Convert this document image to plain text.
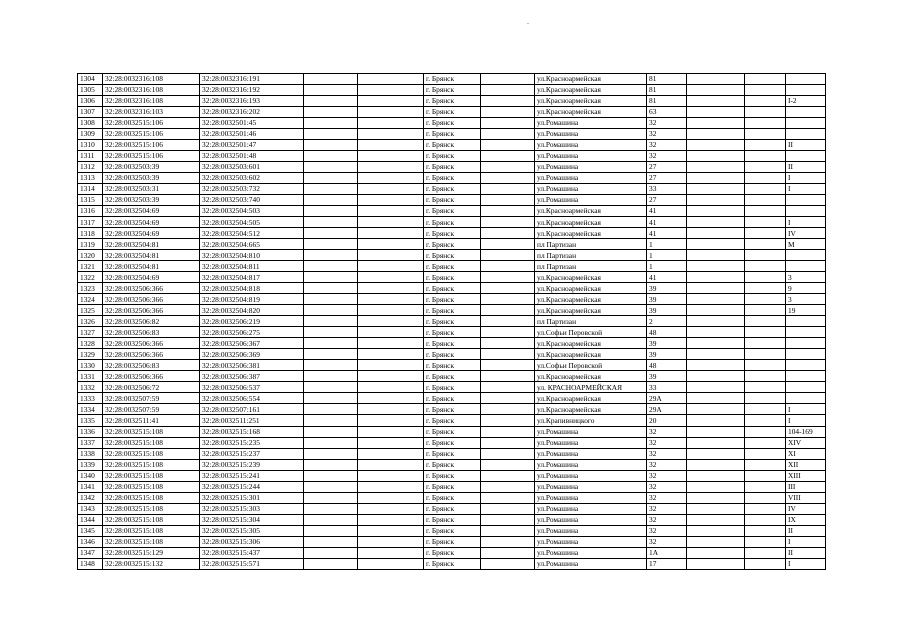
1304	32:28:0032316:108	32:28:0032316:191			г. Брянск		ул.Красноармейская	81			
1305	32:28:0032316:108	32:28:0032316:192			г. Брянск		ул.Красноармейская	81			
1306	32:28:0032316:108	32:28:0032316:193			г. Брянск		ул.Красноармейская	81			I-2
1307	32:28:0032316:103	32:28:0032316:202			г. Брянск		ул.Красноармейская	63			
1308	32:28:0032515:106	32:28:0032501:45			г. Брянск		ул.Ромашина	32			
1309	32:28:0032515:106	32:28:0032501:46			г. Брянск		ул.Ромашина	32			
1310	32:28:0032515:106	32:28:0032501:47			г. Брянск		ул.Ромашина	32			II
1311	32:28:0032515:106	32:28:0032501:48			г. Брянск		ул.Ромашина	32			
1312	32:28:0032503:39	32:28:0032503:601			г. Брянск		ул.Ромашина	27			II
1313	32:28:0032503:39	32:28:0032503:602			г. Брянск		ул.Ромашина	27			I
1314	32:28:0032503:31	32:28:0032503:732			г. Брянск		ул.Ромашина	33			I
1315	32:28:0032503:39	32:28:0032503:740			г. Брянск		ул.Ромашина	27			
1316	32:28:0032504:69	32:28:0032504:503			г. Брянск		ул.Красноармейская	41			
1317	32:28:0032504:69	32:28:0032504:505			г. Брянск		ул.Красноармейская	41			I
1318	32:28:0032504:69	32:28:0032504:512			г. Брянск		ул.Красноармейская	41			IV
1319	32:28:0032504:81	32:28:0032504:665			г. Брянск		пл Партизан	1			M
1320	32:28:0032504:81	32:28:0032504:810			г. Брянск		пл Партизан	1			
1321	32:28:0032504:81	32:28:0032504:811			г. Брянск		пл Партизан	1			
1322	32:28:0032504:69	32:28:0032504:817			г. Брянск		ул.Красноармейская	41			3
1323	32:28:0032506:366	32:28:0032504:818			г. Брянск		ул.Красноармейская	39			9
1324	32:28:0032506:366	32:28:0032504:819			г. Брянск		ул.Красноармейская	39			3
1325	32:28:0032506:366	32:28:0032504:820			г. Брянск		ул.Красноармейская	39			19
1326	32:28:0032506:82	32:28:0032506:219			г. Брянск		пл Партизан	2			
1327	32:28:0032506:83	32:28:0032506:275			г. Брянск		ул.Софьи Перовской	48			
1328	32:28:0032506:366	32:28:0032506:367			г. Брянск		ул.Красноармейская	39			
1329	32:28:0032506:366	32:28:0032506:369			г. Брянск		ул.Красноармейская	39			
1330	32:28:0032506:83	32:28:0032506:381			г. Брянск		ул.Софьи Перовской	48			
1331	32:28:0032506:366	32:28:0032506:387			г. Брянск		ул.Красноармейская	39			
1332	32:28:0032506:72	32:28:0032506:537			г. Брянск		ул. КРАСНОАРМЕЙСКАЯ	33			
1333	32:28:0032507:59	32:28:0032506:554			г. Брянск		ул.Красноармейская	29А			
1334	32:28:0032507:59	32:28:0032507:161			г. Брянск		ул.Красноармейская	29А			I
1335	32:28:0032511:41	32:28:0032511:251			г. Брянск		ул.Крапивницкого	20			I
1336	32:28:0032515:108	32:28:0032515:168			г. Брянск		ул.Ромашина	32			104-169
1337	32:28:0032515:108	32:28:0032515:235			г. Брянск		ул.Ромашина	32			XIV
1338	32:28:0032515:108	32:28:0032515:237			г. Брянск		ул.Ромашина	32			XI
1339	32:28:0032515:108	32:28:0032515:239			г. Брянск		ул.Ромашина	32			XII
1340	32:28:0032515:108	32:28:0032515:241			г. Брянск		ул.Ромашина	32			XIII
1341	32:28:0032515:108	32:28:0032515:244			г. Брянск		ул.Ромашина	32			III
1342	32:28:0032515:108	32:28:0032515:301			г. Брянск		ул.Ромашина	32			VIII
1343	32:28:0032515:108	32:28:0032515:303			г. Брянск		ул.Ромашина	32			IV
1344	32:28:0032515:108	32:28:0032515:304			г. Брянск		ул.Ромашина	32			IX
1345	32:28:0032515:108	32:28:0032515:305			г. Брянск		ул.Ромашина	32			II
1346	32:28:0032515:108	32:28:0032515:306			г. Брянск		ул.Ромашина	32			I
1347	32:28:0032515:129	32:28:0032515:437			г. Брянск		ул.Ромашина	1А			II
1348	32:28:0032515:132	32:28:0032515:571			г. Брянск		ул.Ромашина	17			I
